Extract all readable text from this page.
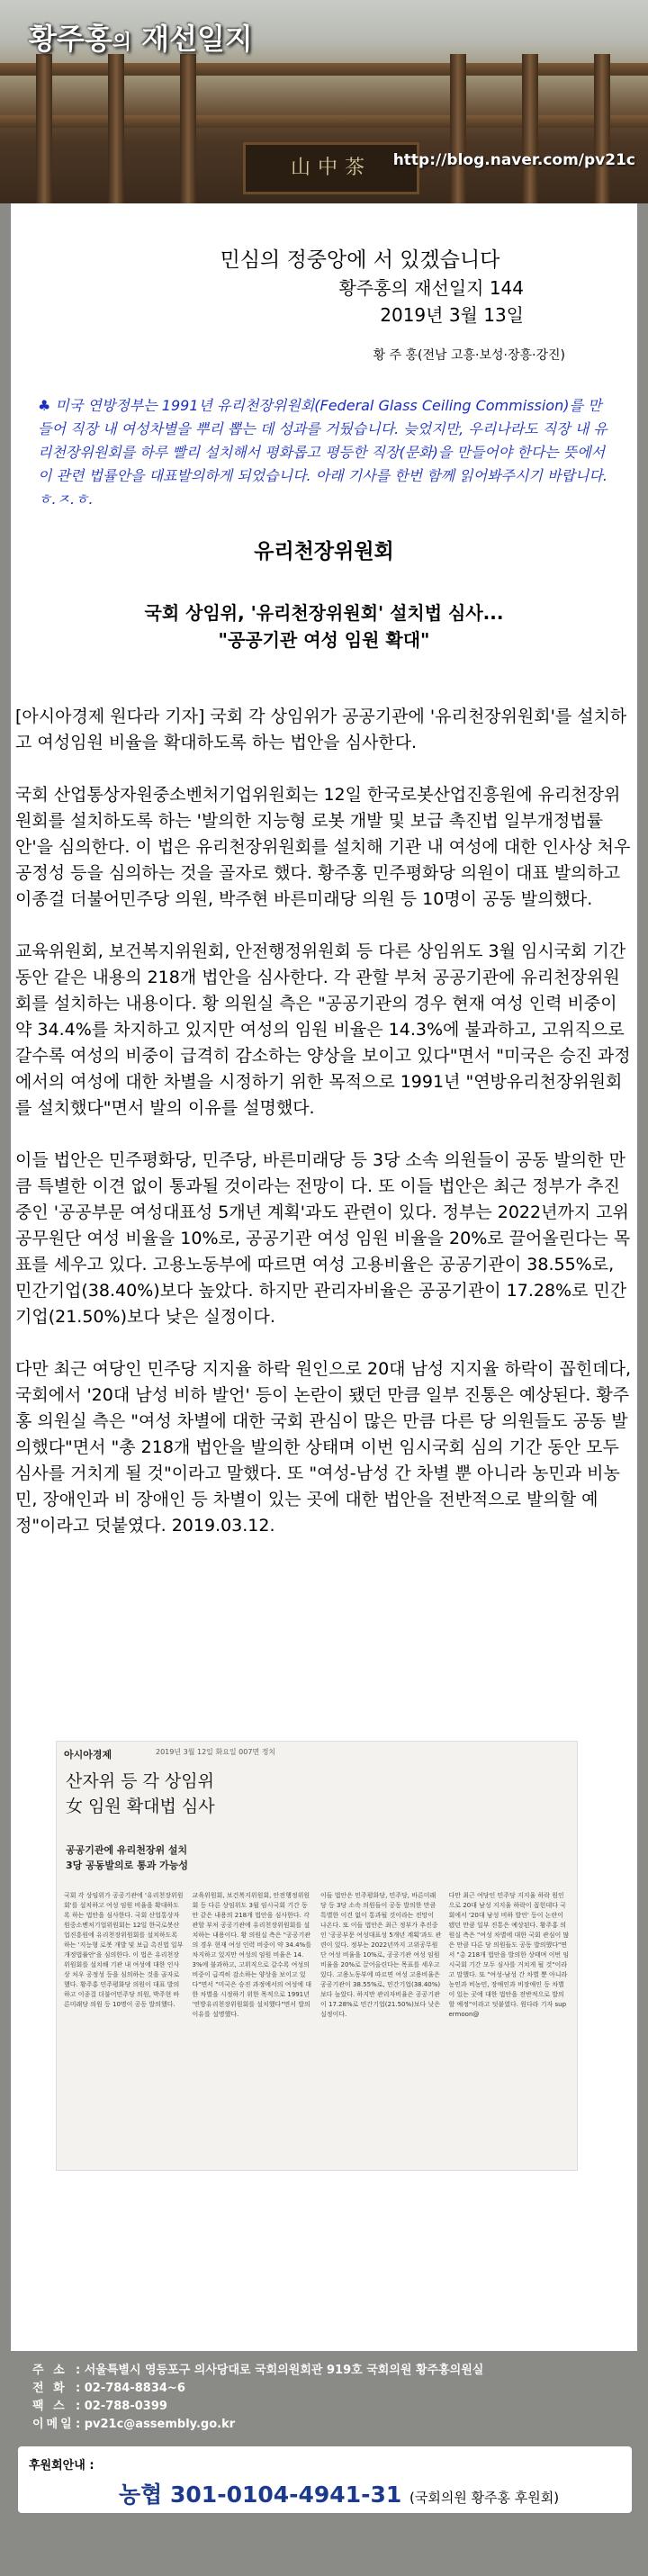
황주홍의 재선일지
山中茶	http://blog.naver.com/pv21c
민심의 정중앙에 서 있겠습니다
황주홍의 재선일지 144
2019년 3월 13일
황 주 홍(전남 고흥·보성·장흥·강진)
♣ 미국 연방정부는 1991년 유리천장위원회(Federal Glass Ceiling Commission)를 만들어 직장 내 여성차별을 뿌리 뽑는 데 성과를 거뒀습니다. 늦었지만, 우리나라도 직장 내 유리천장위원회를 하루 빨리 설치해서 평화롭고 평등한 직장(문화)을 만들어야 한다는 뜻에서 이 관련 법률안을 대표발의하게 되었습니다. 아래 기사를 한번 함께 읽어봐주시기 바랍니다. ㅎ.ㅈ.ㅎ.
유리천장위원회
국회 상임위, '유리천장위원회' 설치법 심사...
"공공기관 여성 임원 확대"

[아시아경제 원다라 기자] 국회 각 상임위가 공공기관에 '유리천장위원회'를 설치하고 여성임원 비율을 확대하도록 하는 법안을 심사한다.

국회 산업통상자원중소벤처기업위원회는 12일 한국로봇산업진흥원에 유리천장위원회를 설치하도록 하는 '발의한 지능형 로봇 개발 및 보급 촉진법 일부개정법률안'을 심의한다. 이 법은 유리천장위원회를 설치해 기관 내 여성에 대한 인사상 처우 공정성 등을 심의하는 것을 골자로 했다. 황주홍 민주평화당 의원이 대표 발의하고 이종걸 더불어민주당 의원, 박주현 바른미래당 의원 등 10명이 공동 발의했다.

교육위원회, 보건복지위원회, 안전행정위원회 등 다른 상임위도 3월 임시국회 기간 동안 같은 내용의 218개 법안을 심사한다. 각 관할 부처 공공기관에 유리천장위원회를 설치하는 내용이다. 황 의원실 측은 "공공기관의 경우 현재 여성 인력 비중이 약 34.4%를 차지하고 있지만 여성의 임원 비율은 14.3%에 불과하고, 고위직으로 갈수록 여성의 비중이 급격히 감소하는 양상을 보이고 있다"면서 "미국은 승진 과정에서의 여성에 대한 차별을 시정하기 위한 목적으로 1991년 "연방유리천장위원회를 설치했다"면서 발의 이유를 설명했다.

이들 법안은 민주평화당, 민주당, 바른미래당 등 3당 소속 의원들이 공동 발의한 만큼 특별한 이견 없이 통과될 것이라는 전망이 다. 또 이들 법안은 최근 정부가 추진중인 '공공부문 여성대표성 5개년 계획'과도 관련이 있다. 정부는 2022년까지 고위공무원단 여성 비율을 10%로, 공공기관 여성 임원 비율을 20%로 끌어올린다는 목표를 세우고 있다. 고용노동부에 따르면 여성 고용비율은 공공기관이 38.55%로, 민간기업(38.40%)보다 높았다. 하지만 관리자비율은 공공기관이 17.28%로 민간기업(21.50%)보다 낮은 실정이다.

다만 최근 여당인 민주당 지지율 하락 원인으로 20대 남성 지지율 하락이 꼽힌데다, 국회에서 '20대 남성 비하 발언' 등이 논란이 됐던 만큼 일부 진통은 예상된다. 황주홍 의원실 측은 "여성 차별에 대한 국회 관심이 많은 만큼 다른 당 의원들도 공동 발의했다"면서 "총 218개 법안을 발의한 상태며 이번 임시국회 심의 기간 동안 모두 심사를 거치게 될 것"이라고 말했다. 또 "여성-남성 간 차별 뿐 아니라 농민과 비농민, 장애인과 비 장애인 등 차별이 있는 곳에 대한 법안을 전반적으로 발의할 예정"이라고 덧붙였다. 2019.03.12.

아시아경제	2019년 3월 12일 화요일 007면 정치
산자위 등 각 상임위
女 임원 확대법 심사
공공기관에 유리천장위 설치
3당 공동발의로 통과 가능성
국회 각 상임위가 공공기관에 '유리천장위원회'를 설치하고 여성 임원 비율을 확대하도록 하는 법안을 심사한다. 국회 산업통상자원중소벤처기업위원회는 12일 한국로봇산업진흥원에 유리천장위원회를 설치하도록 하는 '지능형 로봇 개발 및 보급 촉진법 일부개정법률안'을 심의한다. 이 법은 유리천장위원회를 설치해 기관 내 여성에 대한 인사상 처우 공정성 등을 심의하는 것을 골자로 했다. 황주홍 민주평화당 의원이 대표 발의하고 이종걸 더불어민주당 의원, 박주현 바른미래당 의원 등 10명이 공동 발의했다.
교육위원회, 보건복지위원회, 안전행정위원회 등 다른 상임위도 3월 임시국회 기간 동안 같은 내용의 218개 법안을 심사한다. 각 관할 부처 공공기관에 유리천장위원회를 설치하는 내용이다. 황 의원실 측은 "공공기관의 경우 현재 여성 인력 비중이 약 34.4%를 차지하고 있지만 여성의 임원 비율은 14.3%에 불과하고, 고위직으로 갈수록 여성의 비중이 급격히 감소하는 양상을 보이고 있다"면서 "미국은 승진 과정에서의 여성에 대한 차별을 시정하기 위한 목적으로 1991년 '연방유리천장위원회를 설치했다"면서 발의 이유를 설명했다.
이들 법안은 민주평화당, 민주당, 바른미래당 등 3당 소속 의원들이 공동 발의한 만큼 특별한 이견 없이 통과될 것이라는 전망이 나온다. 또 이들 법안은 최근 정부가 추진중인 '공공부문 여성대표성 5개년 계획'과도 관련이 있다. 정부는 2022년까지 고위공무원단 여성 비율을 10%로, 공공기관 여성 임원 비율을 20%로 끌어올린다는 목표를 세우고 있다. 고용노동부에 따르면 여성 고용비율은 공공기관이 38.55%로, 민간기업(38.40%)보다 높았다. 하지만 관리자비율은 공공기관이 17.28%로 민간기업(21.50%)보다 낮은 실정이다.
다만 최근 여당인 민주당 지지율 하락 원인으로 20대 남성 지지율 하락이 꼽힌데다 국회에서 '20대 남성 비하 발언' 등이 논란이 됐던 만큼 일부 진통은 예상된다. 황주홍 의원실 측은 "여성 차별에 대한 국회 관심이 많은 만큼 다른 당 의원들도 공동 발의했다"면서 "총 218개 법안을 발의한 상태며 이번 임시국회 기간 모두 심사를 거치게 될 것"이라고 말했다. 또 "여성-남성 간 차별 뿐 아니라 농민과 비농민, 장애인과 비장애인 등 차별이 있는 곳에 대한 법안을 전반적으로 발의할 예정"이라고 덧붙였다. 원다라 기자 supermoon@
주 소 : 서울특별시 영등포구 의사당대로 국회의원회관 919호 국회의원 황주홍의원실
전 화 : 02-784-8834~6
팩 스 : 02-788-0399
이메일: pv21c@assembly.go.kr
후원회안내 :
농협 301-0104-4941-31 (국회의원 황주홍 후원회)
